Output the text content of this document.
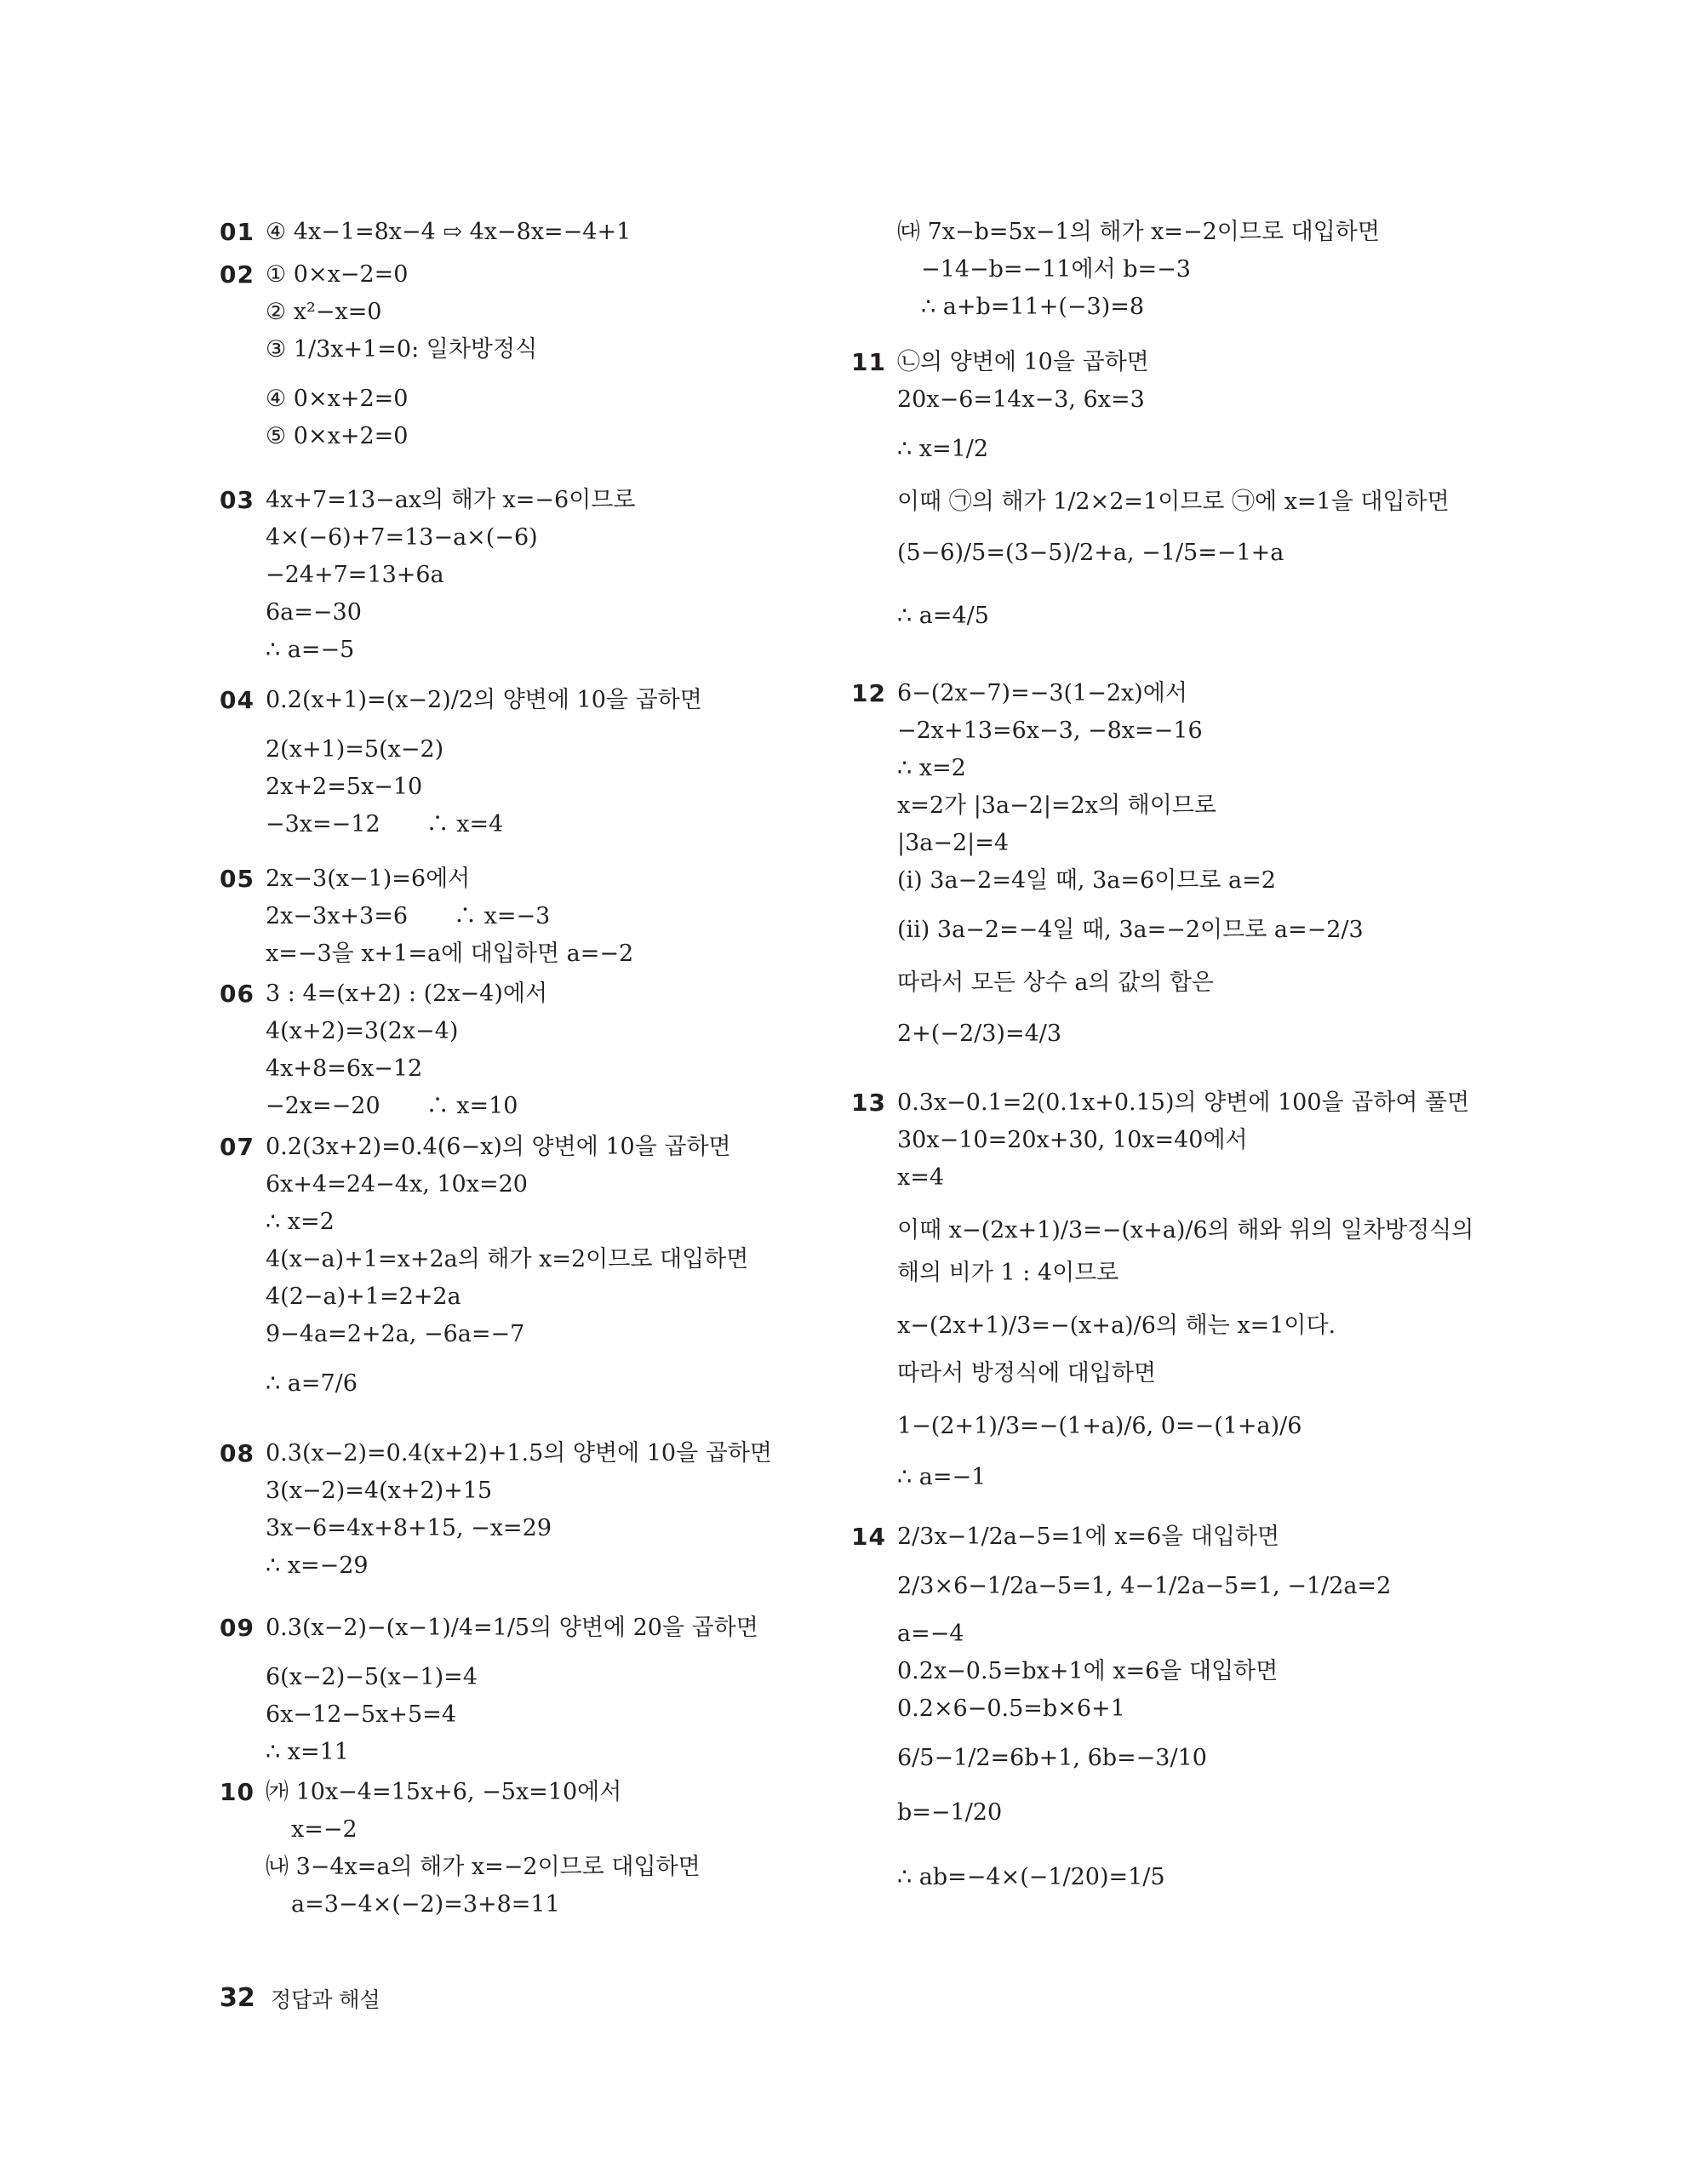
01 ④ 4x−1=8x−4 ⇨ 4x−8x=−4+1
02 ① 0×x−2=0
② x²−x=0
③ 1/3x+1=0: 일차방정식
④ 0×x+2=0
⑤ 0×x+2=0
03 4x+7=13−ax의 해가 x=−6이므로
4×(−6)+7=13−a×(−6)
−24+7=13+6a
6a=−30
∴ a=−5
04 0.2(x+1)=(x−2)/2의 양변에 10을 곱하면
2(x+1)=5(x−2)
2x+2=5x−10
−3x=−12　　∴ x=4
05 2x−3(x−1)=6에서
2x−3x+3=6　　∴ x=−3
x=−3을 x+1=a에 대입하면 a=−2
06 3 : 4=(x+2) : (2x−4)에서
4(x+2)=3(2x−4)
4x+8=6x−12
−2x=−20　　∴ x=10
07 0.2(3x+2)=0.4(6−x)의 양변에 10을 곱하면
6x+4=24−4x, 10x=20
∴ x=2
4(x−a)+1=x+2a의 해가 x=2이므로 대입하면
4(2−a)+1=2+2a
9−4a=2+2a, −6a=−7
∴ a=7/6
08 0.3(x−2)=0.4(x+2)+1.5의 양변에 10을 곱하면
3(x−2)=4(x+2)+15
3x−6=4x+8+15, −x=29
∴ x=−29
09 0.3(x−2)−(x−1)/4=1/5의 양변에 20을 곱하면
6(x−2)−5(x−1)=4
6x−12−5x+5=4
∴ x=11
10 ㈎ 10x−4=15x+6, −5x=10에서
x=−2
㈏ 3−4x=a의 해가 x=−2이므로 대입하면
a=3−4×(−2)=3+8=11
㈐ 7x−b=5x−1의 해가 x=−2이므로 대입하면
−14−b=−11에서 b=−3
∴ a+b=11+(−3)=8
11 ㉡의 양변에 10을 곱하면
20x−6=14x−3, 6x=3
∴ x=1/2
이때 ㉠의 해가 1/2×2=1이므로 ㉠에 x=1을 대입하면
(5−6)/5=(3−5)/2+a, −1/5=−1+a
∴ a=4/5
12 6−(2x−7)=−3(1−2x)에서
−2x+13=6x−3, −8x=−16
∴ x=2
x=2가 |3a−2|=2x의 해이므로
|3a−2|=4
(ⅰ) 3a−2=4일 때, 3a=6이므로 a=2
(ⅱ) 3a−2=−4일 때, 3a=−2이므로 a=−2/3
따라서 모든 상수 a의 값의 합은
2+(−2/3)=4/3
13 0.3x−0.1=2(0.1x+0.15)의 양변에 100을 곱하여 풀면
30x−10=20x+30, 10x=40에서
x=4
이때 x−(2x+1)/3=−(x+a)/6의 해와 위의 일차방정식의
해의 비가 1 : 4이므로
x−(2x+1)/3=−(x+a)/6의 해는 x=1이다.
따라서 방정식에 대입하면
1−(2+1)/3=−(1+a)/6, 0=−(1+a)/6
∴ a=−1
14 2/3x−1/2a−5=1에 x=6을 대입하면
2/3×6−1/2a−5=1, 4−1/2a−5=1, −1/2a=2
a=−4
0.2x−0.5=bx+1에 x=6을 대입하면
0.2×6−0.5=b×6+1
6/5−1/2=6b+1, 6b=−3/10
b=−1/20
∴ ab=−4×(−1/20)=1/5
32 정답과 해설
